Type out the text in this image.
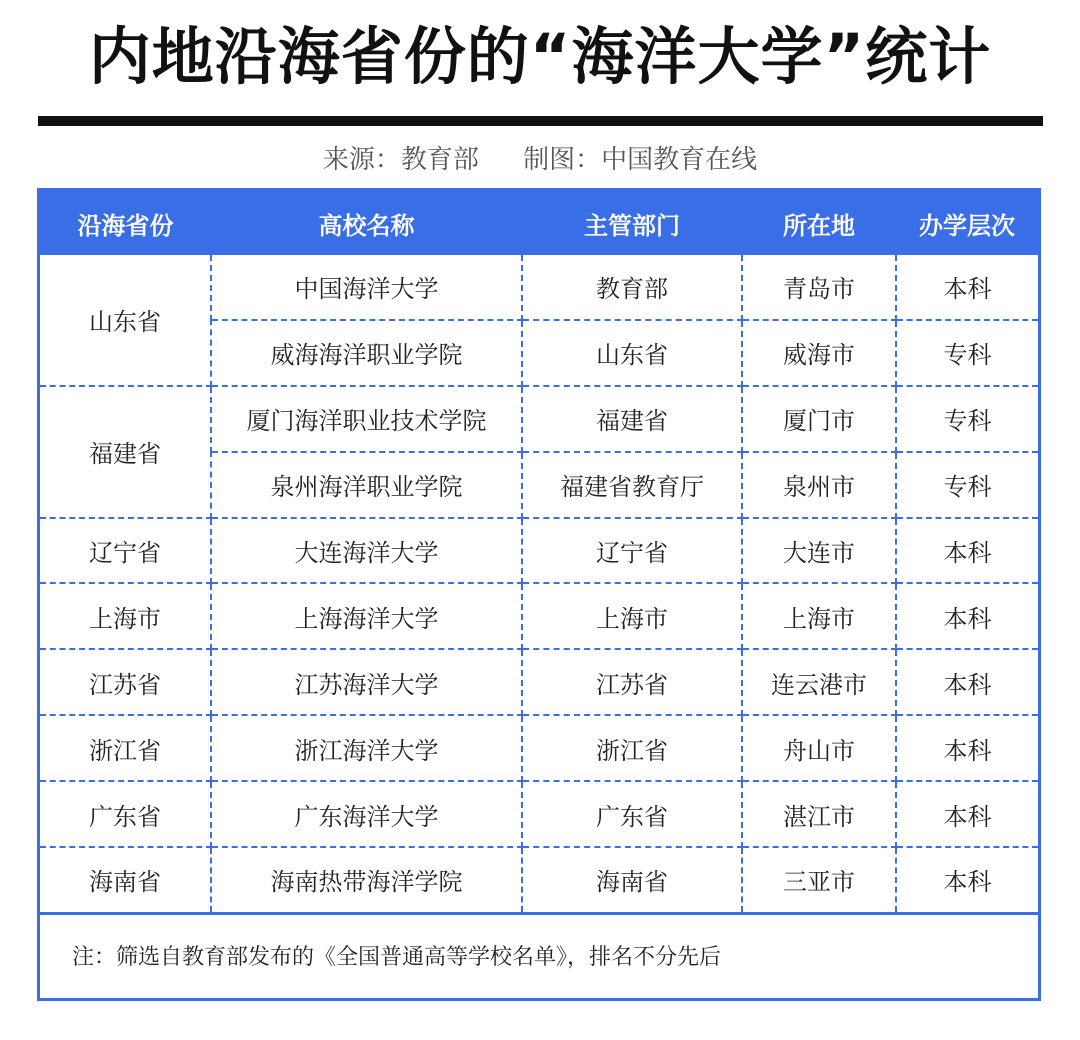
内地沿海省份的“海洋大学”统计
来源：教育部 制图：中国教育在线
沿海省份	高校名称	主管部门	所在地	办学层次
山东省	中国海洋大学	教育部	青岛市	本科
	威海海洋职业学院	山东省	威海市	专科
福建省	厦门海洋职业技术学院	福建省	厦门市	专科
	泉州海洋职业学院	福建省教育厅	泉州市	专科
辽宁省	大连海洋大学	辽宁省	大连市	本科
上海市	上海海洋大学	上海市	上海市	本科
江苏省	江苏海洋大学	江苏省	连云港市	本科
浙江省	浙江海洋大学	浙江省	舟山市	本科
广东省	广东海洋大学	广东省	湛江市	本科
海南省	海南热带海洋学院	海南省	三亚市	本科
注：筛选自教育部发布的《全国普通高等学校名单》，排名不分先后
